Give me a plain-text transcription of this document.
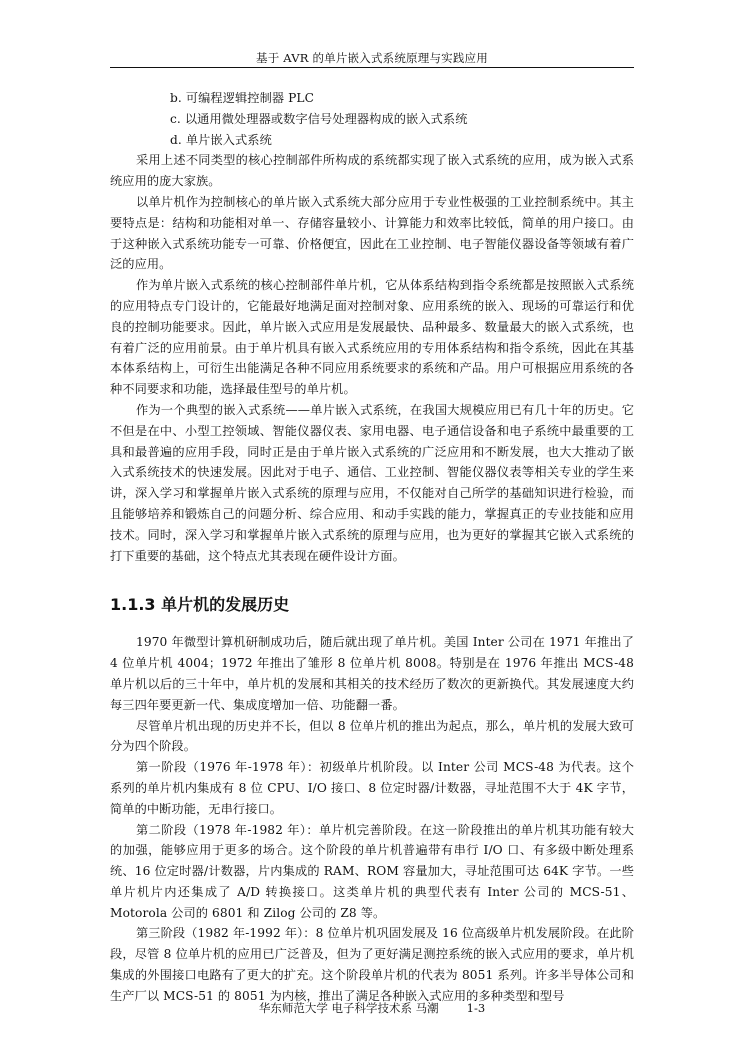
基于 AVR 的单片嵌入式系统原理与实践应用

b. 可编程逻辑控制器 PLC

c. 以通用微处理器或数字信号处理器构成的嵌入式系统

d. 单片嵌入式系统

采用上述不同类型的核心控制部件所构成的系统都实现了嵌入式系统的应用，成为嵌入式系统应用的庞大家族。

以单片机作为控制核心的单片嵌入式系统大部分应用于专业性极强的工业控制系统中。其主要特点是：结构和功能相对单一、存储容量较小、计算能力和效率比较低，简单的用户接口。由于这种嵌入式系统功能专一可靠、价格便宜，因此在工业控制、电子智能仪器设备等领域有着广泛的应用。

作为单片嵌入式系统的核心控制部件单片机，它从体系结构到指令系统都是按照嵌入式系统的应用特点专门设计的，它能最好地满足面对控制对象、应用系统的嵌入、现场的可靠运行和优良的控制功能要求。因此，单片嵌入式应用是发展最快、品种最多、数量最大的嵌入式系统，也有着广泛的应用前景。由于单片机具有嵌入式系统应用的专用体系结构和指令系统，因此在其基本体系结构上，可衍生出能满足各种不同应用系统要求的系统和产品。用户可根据应用系统的各种不同要求和功能，选择最佳型号的单片机。

作为一个典型的嵌入式系统——单片嵌入式系统，在我国大规模应用已有几十年的历史。它不但是在中、小型工控领域、智能仪器仪表、家用电器、电子通信设备和电子系统中最重要的工具和最普遍的应用手段，同时正是由于单片嵌入式系统的广泛应用和不断发展，也大大推动了嵌入式系统技术的快速发展。因此对于电子、通信、工业控制、智能仪器仪表等相关专业的学生来讲，深入学习和掌握单片嵌入式系统的原理与应用，不仅能对自己所学的基础知识进行检验，而且能够培养和锻炼自己的问题分析、综合应用、和动手实践的能力，掌握真正的专业技能和应用技术。同时，深入学习和掌握单片嵌入式系统的原理与应用，也为更好的掌握其它嵌入式系统的打下重要的基础，这个特点尤其表现在硬件设计方面。

1.1.3 单片机的发展历史

1970 年微型计算机研制成功后，随后就出现了单片机。美国 Inter 公司在 1971 年推出了 4 位单片机 4004；1972 年推出了雏形 8 位单片机 8008。特别是在 1976 年推出 MCS-48 单片机以后的三十年中，单片机的发展和其相关的技术经历了数次的更新换代。其发展速度大约每三四年要更新一代、集成度增加一倍、功能翻一番。

尽管单片机出现的历史并不长，但以 8 位单片机的推出为起点，那么，单片机的发展大致可分为四个阶段。

第一阶段（1976 年-1978 年）：初级单片机阶段。以 Inter 公司 MCS-48 为代表。这个系列的单片机内集成有 8 位 CPU、I/O 接口、8 位定时器/计数器，寻址范围不大于 4K 字节，简单的中断功能，无串行接口。

第二阶段（1978 年-1982 年）：单片机完善阶段。在这一阶段推出的单片机其功能有较大的加强，能够应用于更多的场合。这个阶段的单片机普遍带有串行 I/O 口、有多级中断处理系统、16 位定时器/计数器，片内集成的 RAM、ROM 容量加大，寻址范围可达 64K 字节。一些单片机片内还集成了 A/D 转换接口。这类单片机的典型代表有 Inter 公司的 MCS-51、Motorola 公司的 6801 和 Zilog 公司的 Z8 等。

第三阶段（1982 年-1992 年）：8 位单片机巩固发展及 16 位高级单片机发展阶段。在此阶段，尽管 8 位单片机的应用已广泛普及，但为了更好满足测控系统的嵌入式应用的要求，单片机集成的外围接口电路有了更大的扩充。这个阶段单片机的代表为 8051 系列。许多半导体公司和生产厂以 MCS-51 的 8051 为内核，推出了满足各种嵌入式应用的多种类型和型号

华东师范大学 电子科学技术系 马潮 1-3
